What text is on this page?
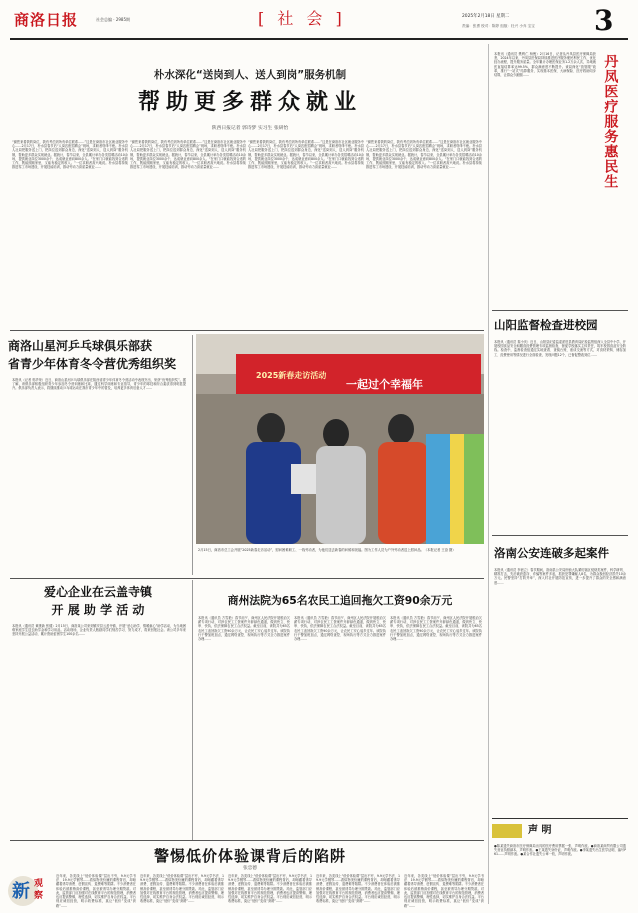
商洛日报	社会总编 · 2985期	[ 社 会 ]	2025年2月18日 星期二	3
责编：张勇 校对：陈婷 组版：杜兴 小乔 宝宝
朴水深化“送岗到人、送人到岗”服务机制
帮助更多群众就业
陕西日报记者 郭诗梦 实习生 张研怡
“谢您来看我的岗位，我有考虑到所有单位联系……”这是在商洛市社区就业服务中心……2月17日，朴水县春节后“人岗匹配招聘会”现场，求职者络绎不绝。朴水县人社局把服务送上门，把岗位送到群众身边，深化“送岗到人、送人到岗”服务机制，帮助更多群众实现就业。据统计，春节以来，全县累计举办各类招聘活动10余场，提供就业岗位3000余个，达成就业意向800余人。“在家门口就能找到合适的工作，既能照顾家里，又能有稳定的收入。”一位求职者高兴地说。朴水县将持续推进零工市场建设，开展技能培训，推动劳动力高质量就业……
“谢您来看我的岗位，我有考虑到所有单位联系……”这是在商洛市社区就业服务中心……2月17日，朴水县春节后“人岗匹配招聘会”现场，求职者络绎不绝。朴水县人社局把服务送上门，把岗位送到群众身边，深化“送岗到人、送人到岗”服务机制，帮助更多群众实现就业。据统计，春节以来，全县累计举办各类招聘活动10余场，提供就业岗位3000余个，达成就业意向800余人。“在家门口就能找到合适的工作，既能照顾家里，又能有稳定的收入。”一位求职者高兴地说。朴水县将持续推进零工市场建设，开展技能培训，推动劳动力高质量就业……
“谢您来看我的岗位，我有考虑到所有单位联系……”这是在商洛市社区就业服务中心……2月17日，朴水县春节后“人岗匹配招聘会”现场，求职者络绎不绝。朴水县人社局把服务送上门，把岗位送到群众身边，深化“送岗到人、送人到岗”服务机制，帮助更多群众实现就业。据统计，春节以来，全县累计举办各类招聘活动10余场，提供就业岗位3000余个，达成就业意向800余人。“在家门口就能找到合适的工作，既能照顾家里，又能有稳定的收入。”一位求职者高兴地说。朴水县将持续推进零工市场建设，开展技能培训，推动劳动力高质量就业……
“谢您来看我的岗位，我有考虑到所有单位联系……”这是在商洛市社区就业服务中心……2月17日，朴水县春节后“人岗匹配招聘会”现场，求职者络绎不绝。朴水县人社局把服务送上门，把岗位送到群众身边，深化“送岗到人、送人到岗”服务机制，帮助更多群众实现就业。据统计，春节以来，全县累计举办各类招聘活动10余场，提供就业岗位3000余个，达成就业意向800余人。“在家门口就能找到合适的工作，既能照顾家里，又能有稳定的收入。”一位求职者高兴地说。朴水县将持续推进零工市场建设，开展技能培训，推动劳动力高质量就业……
本报讯（通讯员 樊利仁 杨俊）2月16日，记者从丹凤县医疗保障局获悉，2024年以来，丹凤县医保局持续推进医疗服务便民利民工作，优化经办流程，提升服务质量。全年累计办理医保业务1.2万余人次，异地就医直接结算率达99.5%，群众满意度不断提升。该局深化“放管服”改革，推行“一站式”结算服务，实现基本医保、大病保险、医疗救助同步结算，让群众少跑腿……	丹凤医疗服务惠民生
山阳监督检查进校园
本报讯（通讯员 秦小庆）近日，山阳县纪委监委派驻县教育局纪检监察组深入全县中小学，开展校园食品安全和膳食经费管理专项监督检查，督促学校落实主体责任，筑牢校园食品安全防线。检查中，监督检查组通过实地查看、查阅台账、座谈交流等方式，对食材采购、储存加工、经费使用等情况进行全面检查，发现问题12个，已督促整改到位……
洛南公安连破多起案件
本报讯（通讯员 李崑立）春节期间，洛南县公安局刑侦大队紧盯辖区侵财类案件，科学研判、精准打击，先后破获盗窃、诈骗等案件多起，抓获犯罪嫌疑人8名，为群众挽回经济损失10余万元。民警坚持“打防并举”，深入村社开展防范宣传，进一步提升了群众的安全感和满意度……
声 明
●陈某遗失商洛市医疗保障局出具的医疗费用票据一张，声明作废。●商洛某商贸有限公司遗失营业执照副本，声明作废。●王某遗失身份证，声明作废。●李某遗失出生医学证明，编号P61……声明作废。●某合作社遗失公章一枚，声明作废。
商洛山星河乒乓球俱乐部获
省青少年体育冬令营优秀组织奖
本报讯（记者 郭华荣）近日，商洛山星河乒乓球俱乐部在陕西省青少年体育冬令营活动中表现突出，荣获“优秀组织奖”。据了解，该俱乐部积极组织青少年参加冬令营训练和比赛，通过科学训练和专业指导，青少年的球技和综合素质得到明显提升。俱乐部负责人表示，将继续推动乒乓球运动在我市青少年中的普及，培养更多体育后备人才……
2025新春走访活动
一起过个幸福年
2月15日，商洛市总工会开展“2025新春走访活动”，慰问困难职工、一线劳动者，为他们送去新春的问候和祝福。图为工作人员为户外劳动者送上慰问品。（本报记者 王奋 摄）
爱心企业在云盖寺镇
开 展 助 学 活 动
本报讯（通讯员 黄康新 张健）2月15日，商洛某公司来到镇安县云盖寺镇，开展“爱心助学、情暖童心”助学活动，为当地困难家庭学生送去助学金和学习用品。活动现场，企业负责人勉励同学们刻苦学习、努力成才，将来回报社会。该公司多年来坚持开展公益活动，累计资助贫困学生100余名……
商州法院为65名农民工追回拖欠工资90余万元
本报讯（通讯员 方雪艳）春节前夕，商州区人民法院开展根治欠薪专项行动，对涉农民工工资案件开辟绿色通道，做到快立、快审、快执，依法保障农民工合法权益。截至目前，该院共为65名农民工追回拖欠工资90余万元，让农民工安心返乡过年。该院执行干警加班加点，通过网络查控、现场执行等方式全力推进案件办理……
本报讯（通讯员 方雪艳）春节前夕，商州区人民法院开展根治欠薪专项行动，对涉农民工工资案件开辟绿色通道，做到快立、快审、快执，依法保障农民工合法权益。截至目前，该院共为65名农民工追回拖欠工资90余万元，让农民工安心返乡过年。该院执行干警加班加点，通过网络查控、现场执行等方式全力推进案件办理……
本报讯（通讯员 方雪艳）春节前夕，商州区人民法院开展根治欠薪专项行动，对涉农民工工资案件开辟绿色通道，做到快立、快审、快执，依法保障农民工合法权益。截至目前，该院共为65名农民工追回拖欠工资90余万元，让农民工安心返乡过年。该院执行干警加班加点，通过网络查控、现场执行等方式全力推进案件办理……
警惕低价体验课背后的陷阱
张忠德
新 观
察
近年来，各类线上“低价体验课”层出不穷，9.9元学书法、19.9元学钢琴……看似物美价廉的课程背后，却暗藏着诱导消费、虚假宣传、退费难等陷阱。不少消费者在体验后被推销高价课程，甚至被诱导办理分期贷款。对此，监管部门应加强对在线教育平台的规范管理，消费者也应提高警惕，理性选择，切实维护自身合法权益。平台则应诚信经营，明示收费标准，莫让“低价”变成“套路”……
近年来，各类线上“低价体验课”层出不穷，9.9元学书法、19.9元学钢琴……看似物美价廉的课程背后，却暗藏着诱导消费、虚假宣传、退费难等陷阱。不少消费者在体验后被推销高价课程，甚至被诱导办理分期贷款。对此，监管部门应加强对在线教育平台的规范管理，消费者也应提高警惕，理性选择，切实维护自身合法权益。平台则应诚信经营，明示收费标准，莫让“低价”变成“套路”……
近年来，各类线上“低价体验课”层出不穷，9.9元学书法、19.9元学钢琴……看似物美价廉的课程背后，却暗藏着诱导消费、虚假宣传、退费难等陷阱。不少消费者在体验后被推销高价课程，甚至被诱导办理分期贷款。对此，监管部门应加强对在线教育平台的规范管理，消费者也应提高警惕，理性选择，切实维护自身合法权益。平台则应诚信经营，明示收费标准，莫让“低价”变成“套路”……
近年来，各类线上“低价体验课”层出不穷，9.9元学书法、19.9元学钢琴……看似物美价廉的课程背后，却暗藏着诱导消费、虚假宣传、退费难等陷阱。不少消费者在体验后被推销高价课程，甚至被诱导办理分期贷款。对此，监管部门应加强对在线教育平台的规范管理，消费者也应提高警惕，理性选择，切实维护自身合法权益。平台则应诚信经营，明示收费标准，莫让“低价”变成“套路”……
近年来，各类线上“低价体验课”层出不穷，9.9元学书法、19.9元学钢琴……看似物美价廉的课程背后，却暗藏着诱导消费、虚假宣传、退费难等陷阱。不少消费者在体验后被推销高价课程，甚至被诱导办理分期贷款。对此，监管部门应加强对在线教育平台的规范管理，消费者也应提高警惕，理性选择，切实维护自身合法权益。平台则应诚信经营，明示收费标准，莫让“低价”变成“套路”……
